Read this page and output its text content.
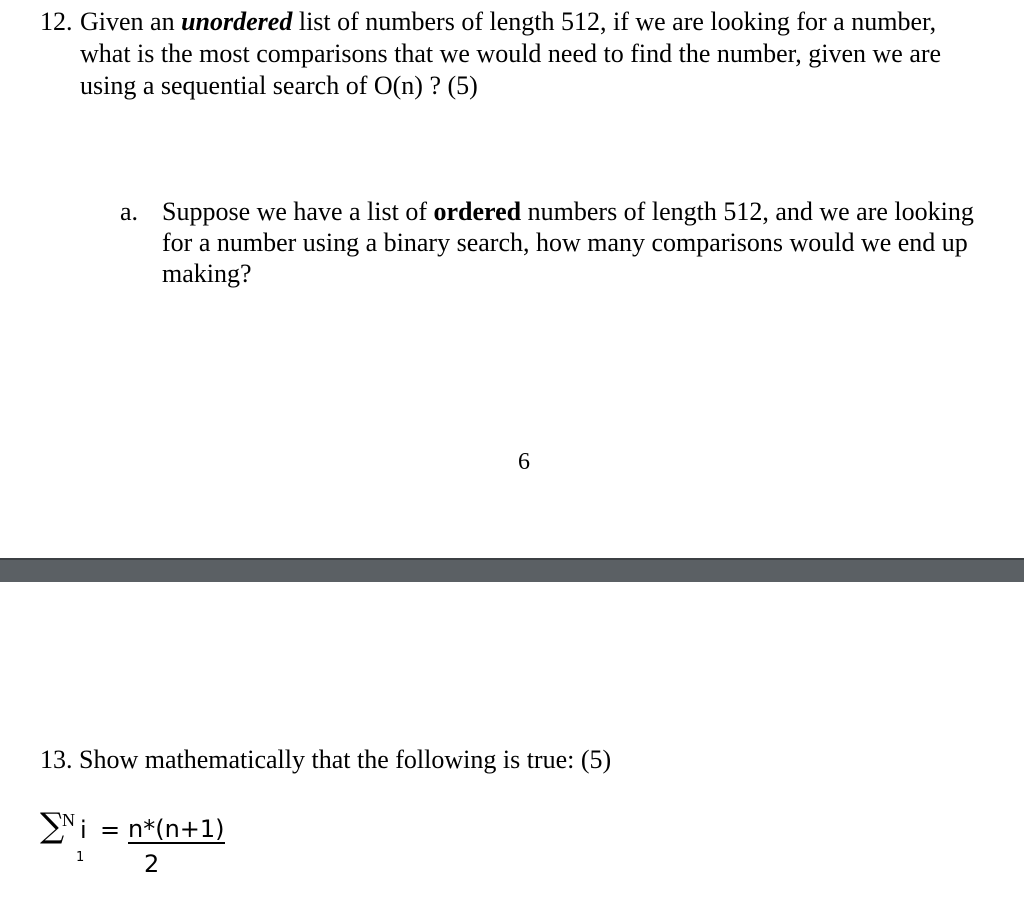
12. Given an unordered list of numbers of length 512, if we are looking for a number,
what is the most comparisons that we would need to find the number, given we are
using a sequential search of O(n) ? (5)
a. Suppose we have a list of ordered numbers of length 512, and we are looking
for a number using a binary search, how many comparisons would we end up
making?
6
13. Show mathematically that the following is true: (5)
∑
N
1
i = n*(n+1)
2
